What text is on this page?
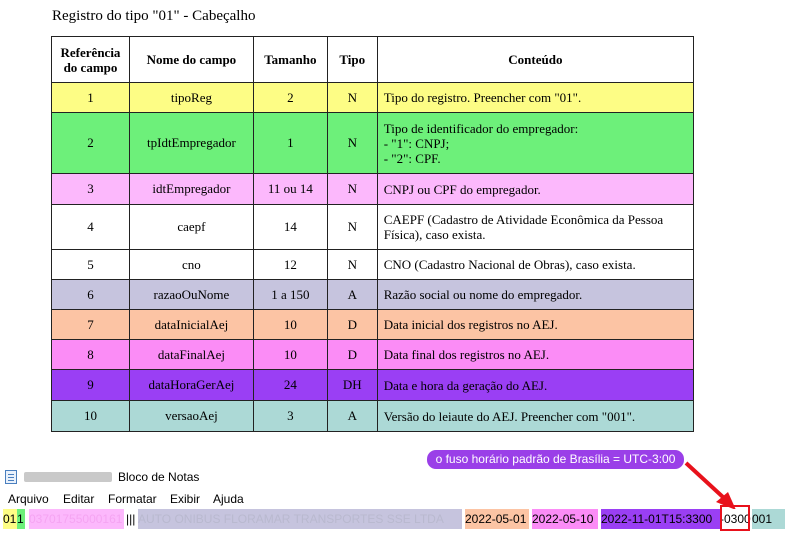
Registro do tipo "01" - Cabeçalho
Referência do campo	Nome do campo	Tamanho	Tipo	Conteúdo
1	tipoReg	2	N	Tipo do registro. Preencher com "01".

2	tpIdtEmpregador	1	N	Tipo de identificador do empregador:
- "1": CNPJ;
- "2": CPF.

3	idtEmpregador	11 ou 14	N	CNPJ ou CPF do empregador.

4	caepf	14	N	CAEPF (Cadastro de Atividade Econômica da Pessoa Física), caso exista.

5	cno	12	N	CNO (Cadastro Nacional de Obras), caso exista.

6	razaoOuNome	1 a 150	A	Razão social ou nome do empregador.

7	dataInicialAej	10	D	Data inicial dos registros no AEJ.

8	dataFinalAej	10	D	Data final dos registros no AEJ.

9	dataHoraGerAej	24	DH	Data e hora da geração do AEJ.

10	versaoAej	3	A	Versão do leiaute do AEJ. Preencher com "001".
o fuso horário padrão de Brasília = UTC-3:00
Bloco de Notas
Arquivo Editar Formatar Exibir Ajuda
01 1 03701755000161 ||| AUTO ONIBUS FLORAMAR TRANSPORTES SSE LTDA	2022-05-01 2022-05-10 2022-11-01T15:3300 -0300 001
